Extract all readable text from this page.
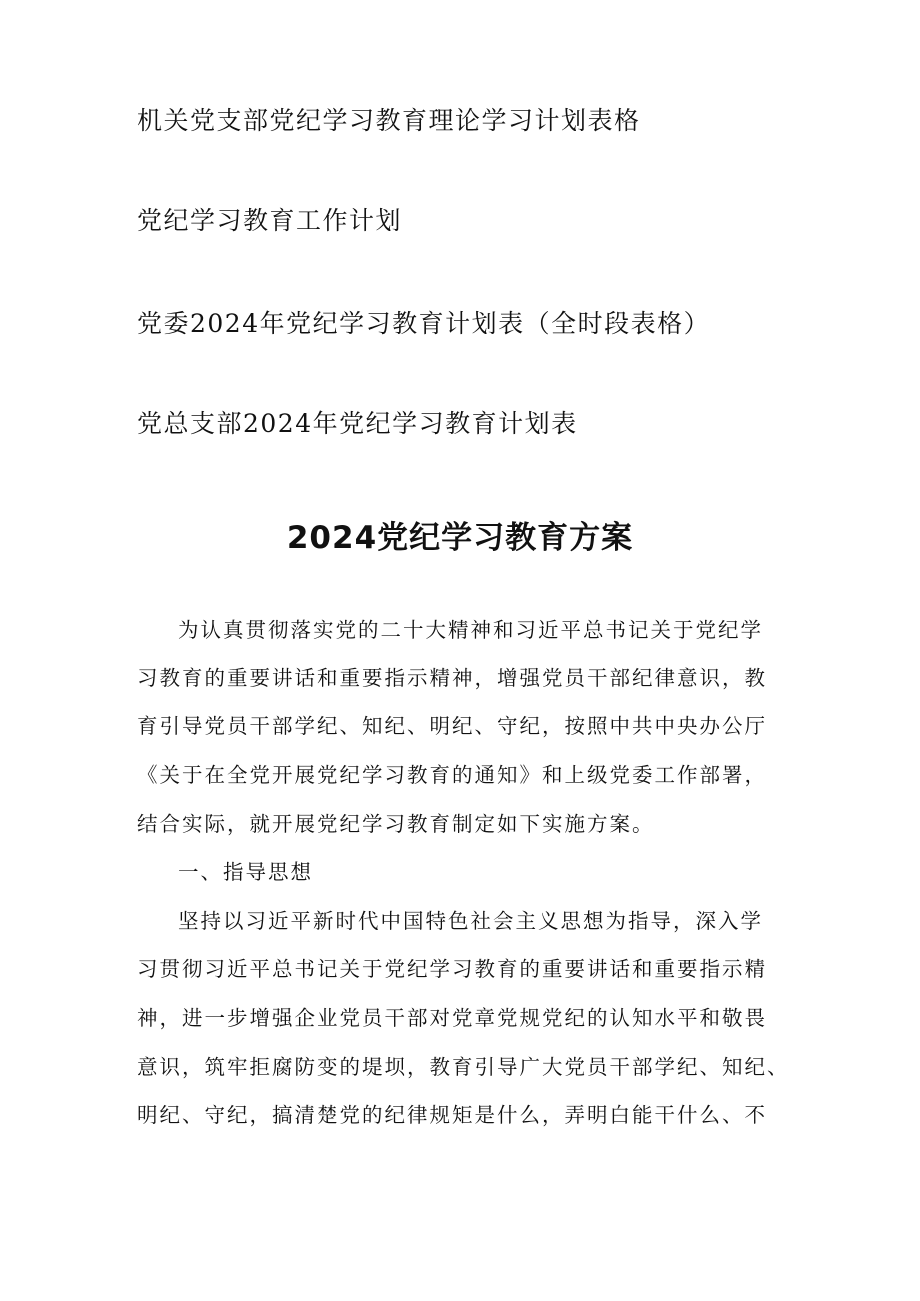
机关党支部党纪学习教育理论学习计划表格
党纪学习教育工作计划
党委2024年党纪学习教育计划表（全时段表格）
党总支部2024年党纪学习教育计划表
2024党纪学习教育方案
为认真贯彻落实党的二十大精神和习近平总书记关于党纪学
习教育的重要讲话和重要指示精神，增强党员干部纪律意识，教
育引导党员干部学纪、知纪、明纪、守纪，按照中共中央办公厅
《关于在全党开展党纪学习教育的通知》和上级党委工作部署，
结合实际，就开展党纪学习教育制定如下实施方案。
一、指导思想
坚持以习近平新时代中国特色社会主义思想为指导，深入学
习贯彻习近平总书记关于党纪学习教育的重要讲话和重要指示精
神，进一步增强企业党员干部对党章党规党纪的认知水平和敬畏
意识，筑牢拒腐防变的堤坝，教育引导广大党员干部学纪、知纪、
明纪、守纪，搞清楚党的纪律规矩是什么，弄明白能干什么、不
